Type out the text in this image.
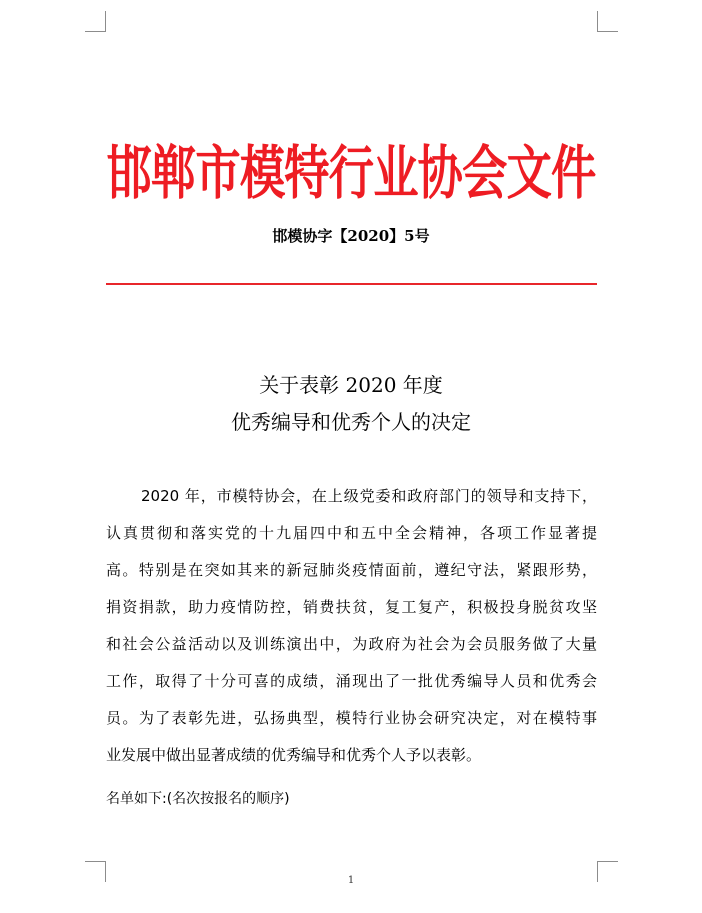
邯郸市模特行业协会文件
邯模协字【2020】5号
关于表彰 2020 年度
优秀编导和优秀个人的决定
2020 年，市模特协会，在上级党委和政府部门的领导和支持下，
认真贯彻和落实党的十九届四中和五中全会精神，各项工作显著提
高。特别是在突如其来的新冠肺炎疫情面前，遵纪守法，紧跟形势，
捐资捐款，助力疫情防控，销费扶贫，复工复产，积极投身脱贫攻坚
和社会公益活动以及训练演出中，为政府为社会为会员服务做了大量
工作，取得了十分可喜的成绩，涌现出了一批优秀编导人员和优秀会
员。为了表彰先进，弘扬典型，模特行业协会研究决定，对在模特事
业发展中做出显著成绩的优秀编导和优秀个人予以表彰。
名单如下:(名次按报名的顺序)
1
